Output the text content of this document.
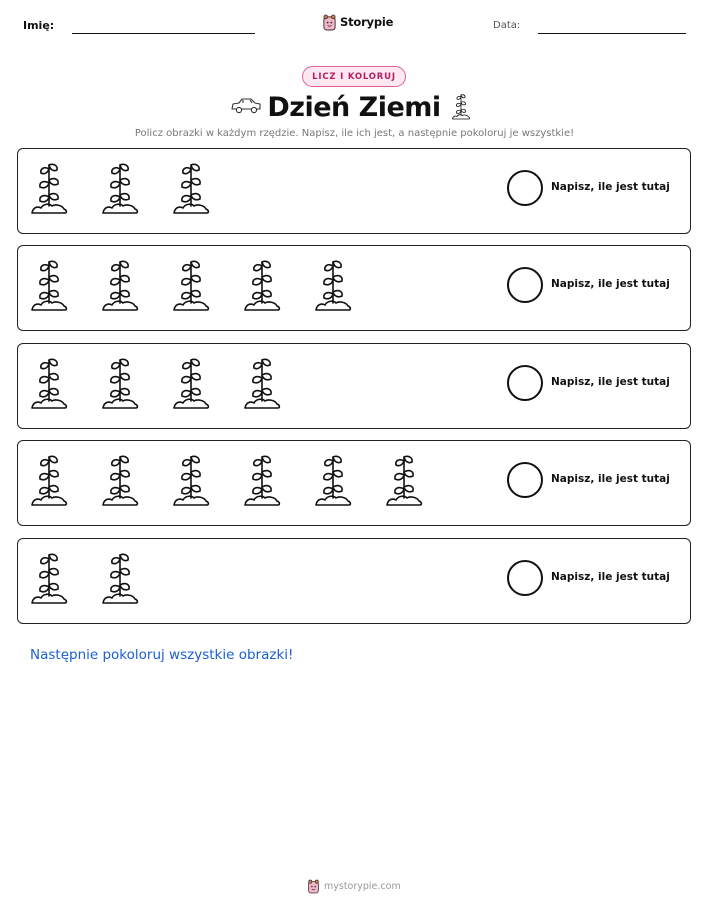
Imię:	Storypie	Data:
LICZ I KOLORUJ
Dzień Ziemi
Policz obrazki w każdym rzędzie. Napisz, ile ich jest, a następnie pokoloruj je wszystkie!
Napisz, ile jest tutaj
Napisz, ile jest tutaj
Napisz, ile jest tutaj
Napisz, ile jest tutaj
Napisz, ile jest tutaj
Następnie pokoloruj wszystkie obrazki!
mystorypie.com
